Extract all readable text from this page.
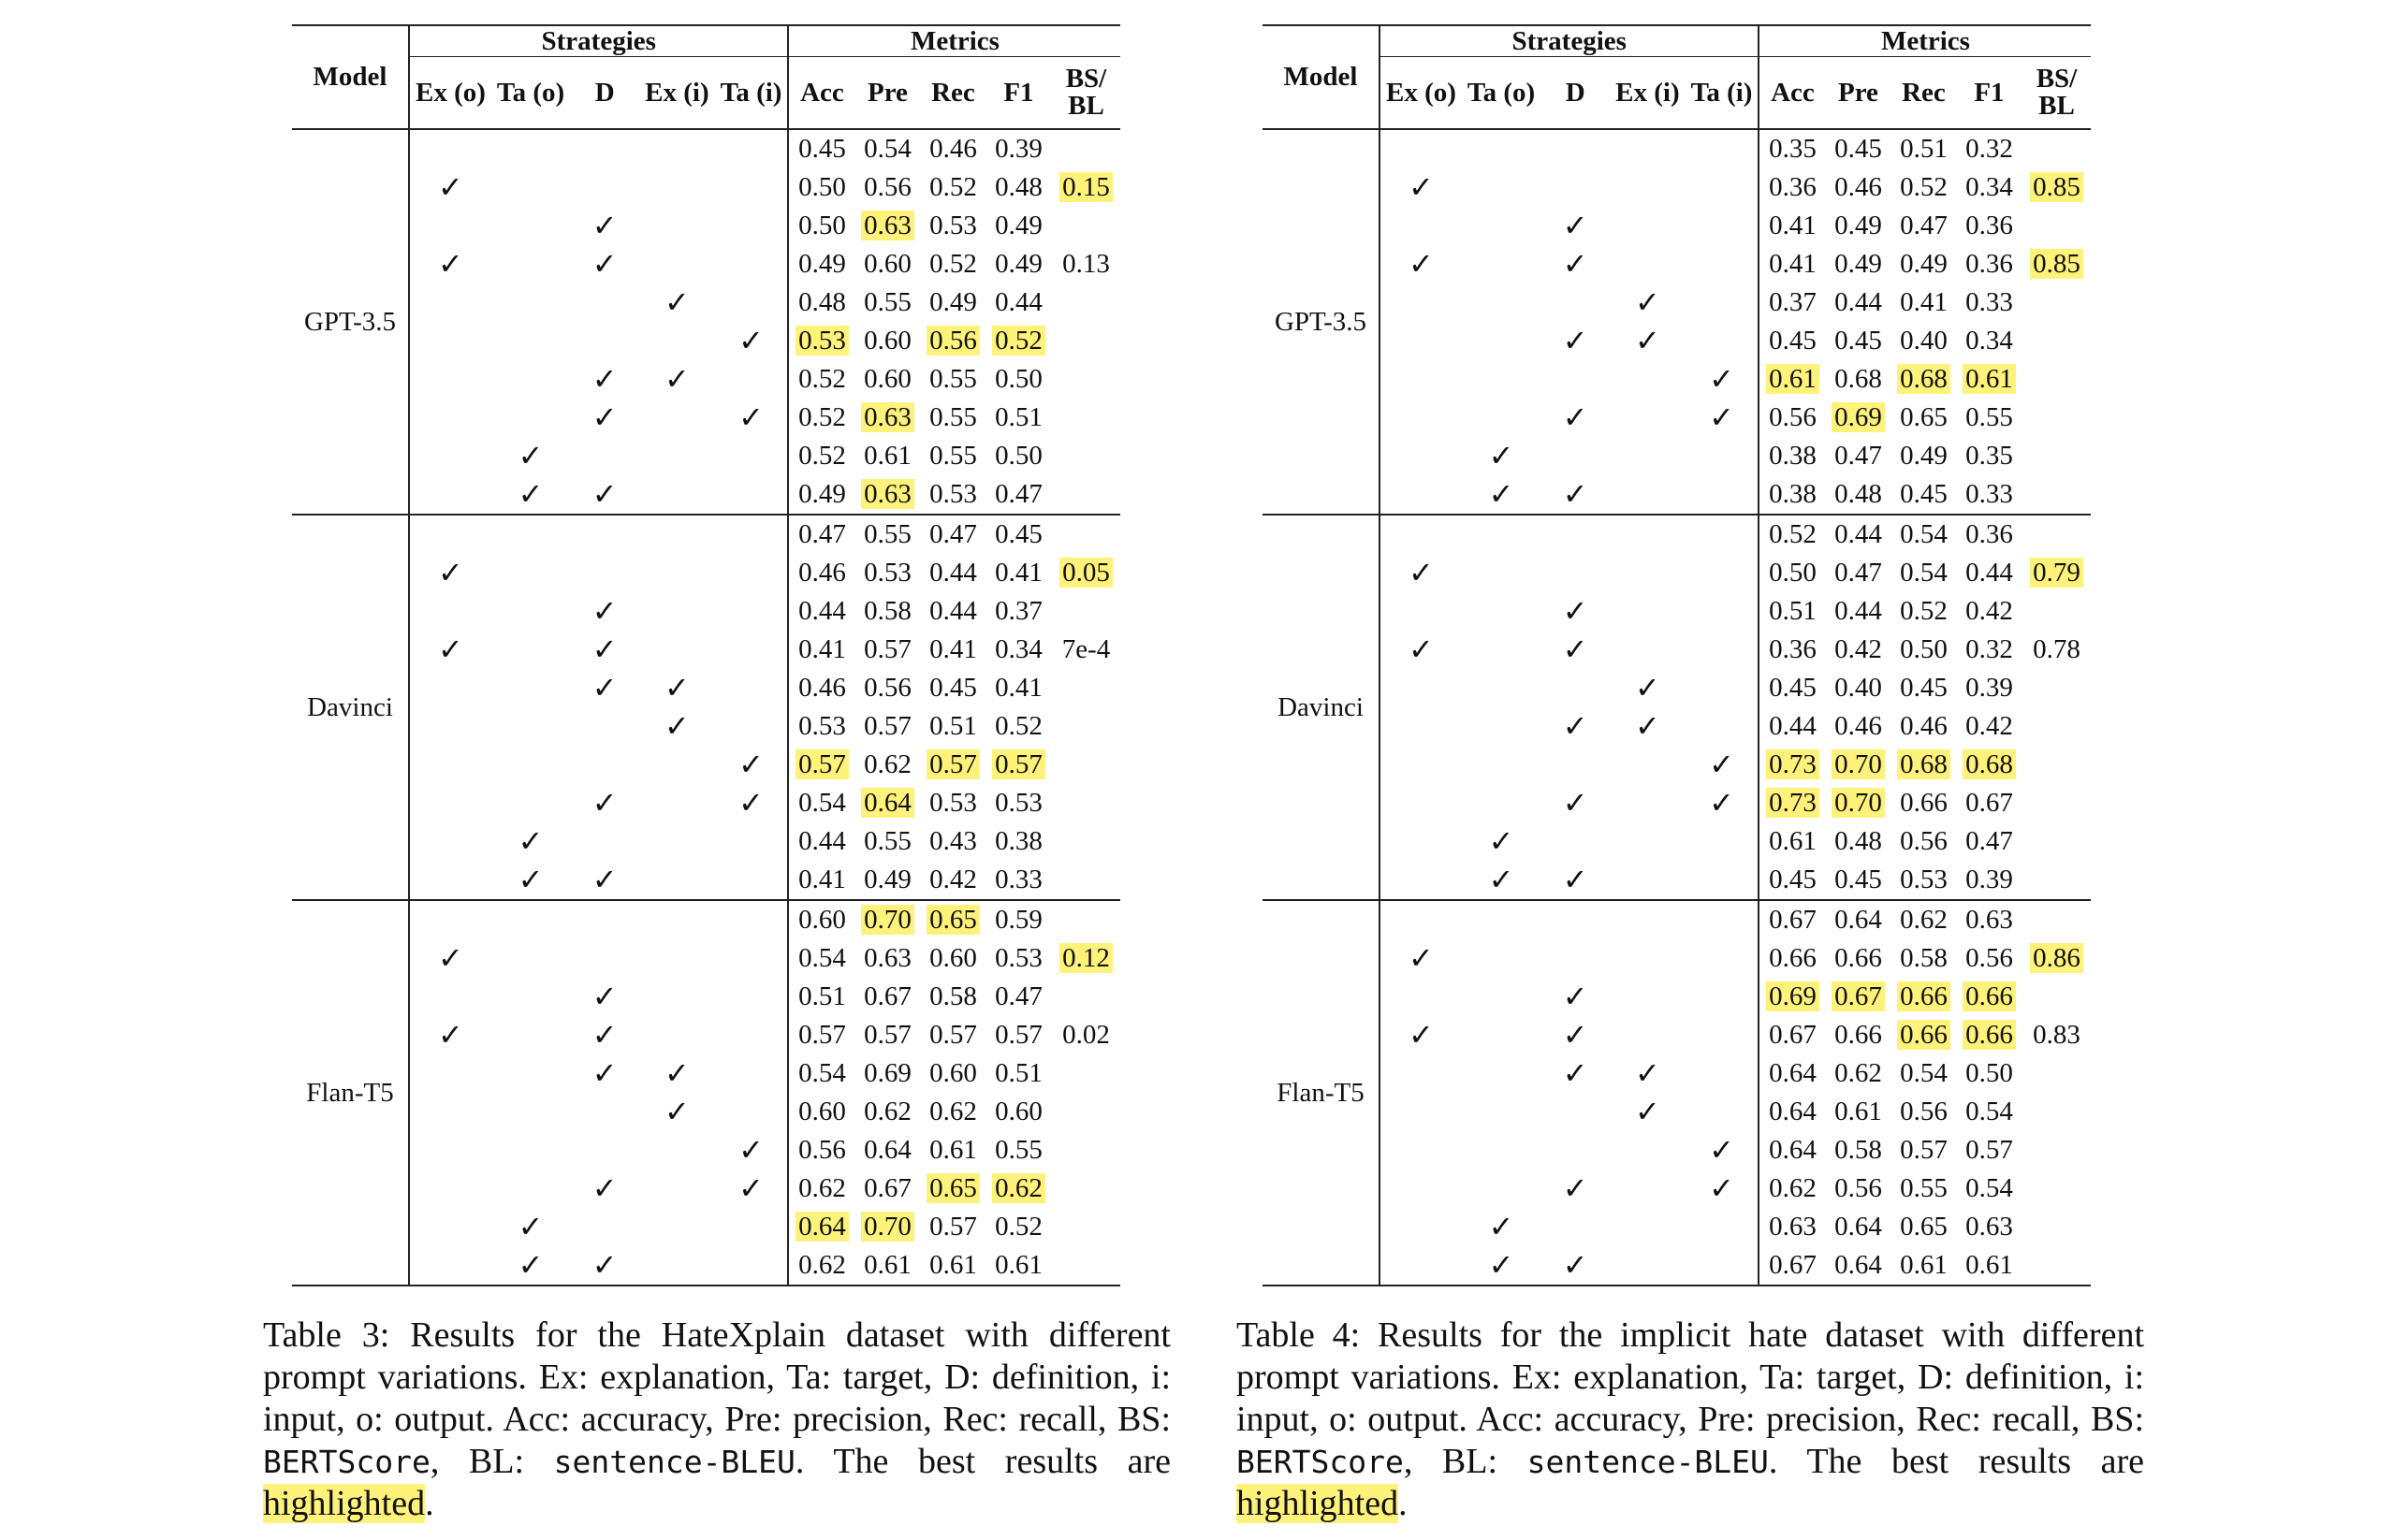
Model	Strategies					Metrics				
	Ex (o)	Ta (o)	D	Ex (i)	Ta (i)	Acc	Pre	Rec	F1	BS/
BL

GPT-3.5						0.45	0.54	0.46	0.39	
	✓					0.50	0.56	0.52	0.48	0.15
			✓			0.50	0.63	0.53	0.49	
	✓		✓			0.49	0.60	0.52	0.49	0.13
				✓		0.48	0.55	0.49	0.44	
					✓	0.53	0.60	0.56	0.52	
			✓	✓		0.52	0.60	0.55	0.50	
			✓		✓	0.52	0.63	0.55	0.51	
		✓				0.52	0.61	0.55	0.50	
		✓	✓			0.49	0.63	0.53	0.47	
Davinci						0.47	0.55	0.47	0.45	
	✓					0.46	0.53	0.44	0.41	0.05
			✓			0.44	0.58	0.44	0.37	
	✓		✓			0.41	0.57	0.41	0.34	7e-4
			✓	✓		0.46	0.56	0.45	0.41	
				✓		0.53	0.57	0.51	0.52	
					✓	0.57	0.62	0.57	0.57	
			✓		✓	0.54	0.64	0.53	0.53	
		✓				0.44	0.55	0.43	0.38	
		✓	✓			0.41	0.49	0.42	0.33	
Flan-T5						0.60	0.70	0.65	0.59	
	✓					0.54	0.63	0.60	0.53	0.12
			✓			0.51	0.67	0.58	0.47	
	✓		✓			0.57	0.57	0.57	0.57	0.02
			✓	✓		0.54	0.69	0.60	0.51	
				✓		0.60	0.62	0.62	0.60	
					✓	0.56	0.64	0.61	0.55	
			✓		✓	0.62	0.67	0.65	0.62	
		✓				0.64	0.70	0.57	0.52	
		✓	✓			0.62	0.61	0.61	0.61	
Model	Strategies					Metrics				
	Ex (o)	Ta (o)	D	Ex (i)	Ta (i)	Acc	Pre	Rec	F1	BS/
BL

GPT-3.5						0.35	0.45	0.51	0.32	
	✓					0.36	0.46	0.52	0.34	0.85
			✓			0.41	0.49	0.47	0.36	
	✓		✓			0.41	0.49	0.49	0.36	0.85
				✓		0.37	0.44	0.41	0.33	
			✓	✓		0.45	0.45	0.40	0.34	
					✓	0.61	0.68	0.68	0.61	
			✓		✓	0.56	0.69	0.65	0.55	
		✓				0.38	0.47	0.49	0.35	
		✓	✓			0.38	0.48	0.45	0.33	
Davinci						0.52	0.44	0.54	0.36	
	✓					0.50	0.47	0.54	0.44	0.79
			✓			0.51	0.44	0.52	0.42	
	✓		✓			0.36	0.42	0.50	0.32	0.78
				✓		0.45	0.40	0.45	0.39	
			✓	✓		0.44	0.46	0.46	0.42	
					✓	0.73	0.70	0.68	0.68	
			✓		✓	0.73	0.70	0.66	0.67	
		✓				0.61	0.48	0.56	0.47	
		✓	✓			0.45	0.45	0.53	0.39	
Flan-T5						0.67	0.64	0.62	0.63	
	✓					0.66	0.66	0.58	0.56	0.86
			✓			0.69	0.67	0.66	0.66	
	✓		✓			0.67	0.66	0.66	0.66	0.83
			✓	✓		0.64	0.62	0.54	0.50	
				✓		0.64	0.61	0.56	0.54	
					✓	0.64	0.58	0.57	0.57	
			✓		✓	0.62	0.56	0.55	0.54	
		✓				0.63	0.64	0.65	0.63	
		✓	✓			0.67	0.64	0.61	0.61	
Table 3: Results for the HateXplain dataset with different prompt variations. Ex: explanation, Ta: target, D: definition, i: input, o: output. Acc: accuracy, Pre: precision, Rec: recall, BS: BERTScore, BL: sentence-BLEU. The best results are highlighted.
Table 4: Results for the implicit hate dataset with different prompt variations. Ex: explanation, Ta: target, D: definition, i: input, o: output. Acc: accuracy, Pre: precision, Rec: recall, BS: BERTScore, BL: sentence-BLEU. The best results are highlighted.
